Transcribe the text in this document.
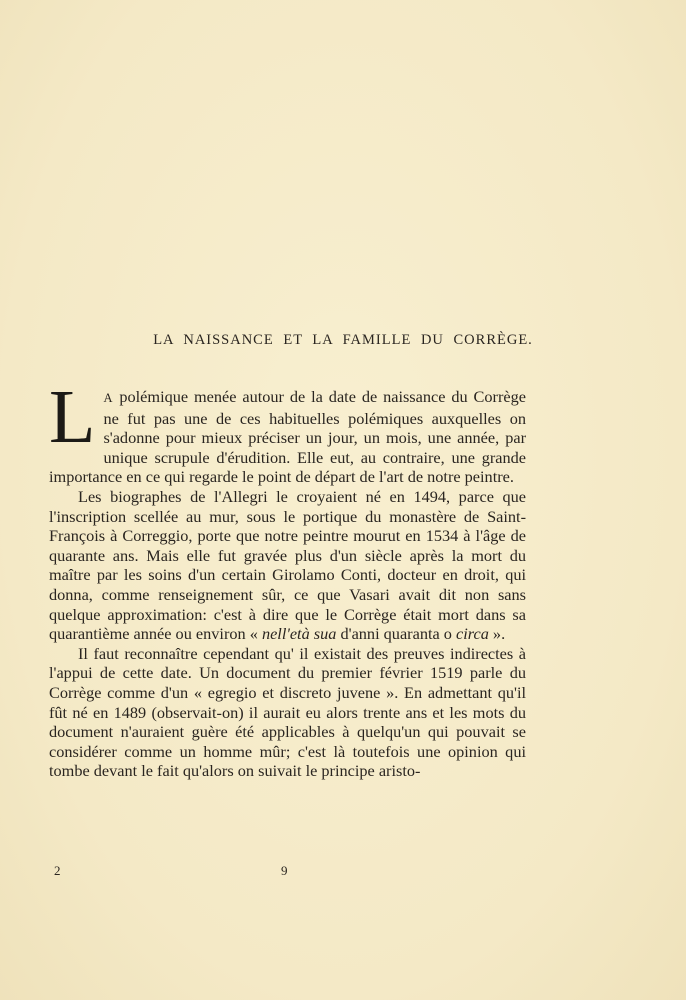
LA NAISSANCE ET LA FAMILLE DU CORRÈGE.

L A polémique menée autour de la date de naissance du Corrège ne fut pas une de ces habituelles polémiques auxquelles on s'adonne pour mieux préciser un jour, un mois, une année, par unique scrupule d'érudition. Elle eut, au contraire, une grande importance en ce qui regarde le point de départ de l'art de notre peintre.

Les biographes de l'Allegri le croyaient né en 1494, parce que l'inscription scellée au mur, sous le portique du monastère de Saint-François à Correggio, porte que notre peintre mourut en 1534 à l'âge de quarante ans. Mais elle fut gravée plus d'un siècle après la mort du maître par les soins d'un certain Girolamo Conti, docteur en droit, qui donna, comme renseignement sûr, ce que Vasari avait dit non sans quelque approximation: c'est à dire que le Corrège était mort dans sa quarantième année ou environ « nell'età sua d'anni quaranta o circa ».

Il faut reconnaître cependant qu' il existait des preuves indirectes à l'appui de cette date. Un document du premier février 1519 parle du Corrège comme d'un « egregio et discreto juvene ». En admettant qu'il fût né en 1489 (observait-on) il aurait eu alors trente ans et les mots du document n'auraient guère été applicables à quelqu'un qui pouvait se considérer comme un homme mûr; c'est là toutefois une opinion qui tombe devant le fait qu'alors on suivait le principe aristo-

2	9
